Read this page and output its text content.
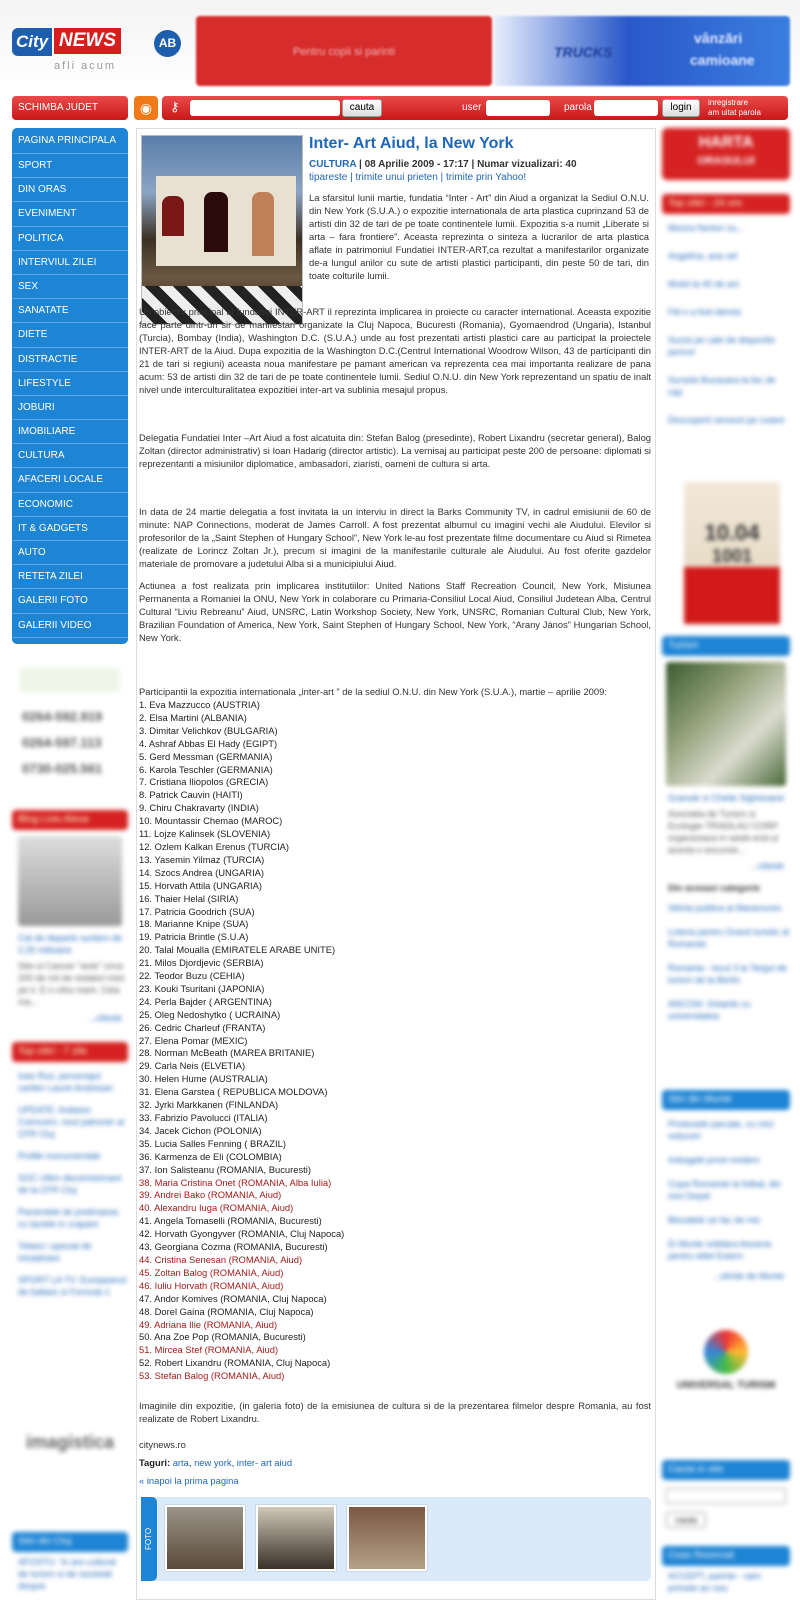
City NEWS	AB
afli acum
Pentru copii si parinti	TRUCKS
vânzări
camioane
SCHIMBA JUDET	◉	⚷	cauta	user	parola	login	inregistrare
am uitat parola
PAGINA PRINCIPALA
SPORT
DIN ORAS
EVENIMENT
POLITICA
INTERVIUL ZILEI
SEX
SANATATE
DIETE
DISTRACTIE
LIFESTYLE
JOBURI
IMOBILIARE
CULTURA
AFACERI LOCALE
ECONOMIC
IT & GADGETS
AUTO
RETETA ZILEI
GALERII FOTO
GALERII VIDEO
0264-592.919
0264-597.113
0730-025.561
Blog Liviu Alexa
Cat de departe suntem de 2,25 milioane
Stie-ul Cancer "ante" circa 200 de mii de violatori intoi pe ir. E o cifra mare. Ceia ma...
...citeste
Top citiri - 7 zile
Ioan Rus, personajul cartilor Laurei Andresan
UPDATE: Anbeiso Cotroceni, noul patroner al CFR Cluj
Profile monumentale
SOC Ultim decomisionare de la CFR Cluj
Pacientele de pretimarea cu taciele in crapare
Tobesi i special de intulatoare
SPORT LA TV: Europeanul de baltare si Formula 1
imagistica
Stiri din Cluj
AFOSTU: 'In are cultural de turism si de societati despre
Inter- Art Aiud, la New York
CULTURA | 08 Aprilie 2009 - 17:17 | Numar vizualizari: 40
tipareste | trimite unui prieten | trimite prin Yahoo!

La sfarsitul lunii martie, fundatia “Inter - Art” din Aiud a organizat la Sediul O.N.U. din New York (S.U.A.) o expozitie internationala de arta plastica cuprinzand 53 de artisti din 32 de tari de pe toate continentele lumii. Expozitia s-a numit „Liberate si arta – fara frontiere”. Aceasta reprezinta o sinteza a lucrarilor de arta plastica aflate in patrimoniul Fundatiei INTER-ART,ca rezultat a manifestarilor organizate de-a lungul anilor cu sute de artisti plastici participanti, din peste 50 de tari, din toate colturile lumii.

Un obiectiv principal al fundatiei INTER-ART il reprezinta implicarea in proiecte cu caracter international. Aceasta expozitie face parte dintr-un sir de manifestari organizate la Cluj Napoca, Bucuresti (Romania), Gyomaendrod (Ungaria), Istanbul (Turcia), Bombay (India), Washington D.C. (S.U.A.) unde au fost prezentati artisti plastici care au participat la proiectele INTER-ART de la Aiud. Dupa expozitia de la Washington D.C.(Centrul International Woodrow Wilson, 43 de participanti din 21 de tari si regiuni) aceasta noua manifestare pe pamant american va reprezenta cea mai importanta realizare de pana acum: 53 de artisti din 32 de tari de pe toate continentele lumii. Sediul O.N.U. din New York reprezentand un spatiu de inalt nivel unde interculturalitatea expozitiei inter-art va sublinia mesajul propus.

Delegatia Fundatiei Inter –Art Aiud a fost alcatuita din: Stefan Balog (presedinte), Robert Lixandru (secretar general), Balog Zoltan (director administrativ) si Ioan Hadarig (director artistic). La vernisaj au participat peste 200 de persoane: diplomati si reprezentanti a misiunilor diplomatice, ambasadori, ziaristi, oameni de cultura si arta.

In data de 24 martie delegatia a fost invitata la un interviu in direct la Barks Community TV, in cadrul emisiunii de 60 de minute: NAP Connections, moderat de James Carroll. A fost prezentat albumul cu imagini vechi ale Aiudului. Elevilor si profesorilor de la „Saint Stephen of Hungary School”, New York le-au fost prezentate filme documentare cu Aiud si Rimetea (realizate de Lorincz Zoltan Jr.), precum si imagini de la manifestarile culturale ale Aiudului. Au fost oferite gazdelor materiale de promovare a judetului Alba si a municipiului Aiud.

Actiunea a fost realizata prin implicarea institutiilor: United Nations Staff Recreation Council, New York, Misiunea Permanenta a Romaniei la ONU, New York in colaborare cu Primaria-Consiliul Local Aiud, Consiliul Judetean Alba, Centrul Cultural “Liviu Rebreanu” Aiud, UNSRC, Latin Workshop Society, New York, UNSRC, Romanian Cultural Club, New York, Brazilian Foundation of America, New York, Saint Stephen of Hungary School, New York, “Arany János” Hungarian School, New York.

Participantii la expozitia internationala „inter-art ” de la sediul O.N.U. din New York (S.U.A.), martie – aprilie 2009:

1. Eva Mazzucco (AUSTRIA)
2. Elsa Martini (ALBANIA)
3. Dimitar Velichkov (BULGARIA)
4. Ashraf Abbas El Hady (EGIPT)
5. Gerd Messman (GERMANIA)
6. Karola Teschler (GERMANIA)
7. Cristiana Iliopolos (GRECIA)
8. Patrick Cauvin (HAITI)
9. Chiru Chakravarty (INDIA)
10. Mountassir Chemao (MAROC)
11. Lojze Kalinsek (SLOVENIA)
12. Ozlem Kalkan Erenus (TURCIA)
13. Yasemin Yilmaz (TURCIA)
14. Szocs Andrea (UNGARIA)
15. Horvath Attila (UNGARIA)
16. Thaier Helal (SIRIA)
17. Patricia Goodrich (SUA)
18. Marianne Knipe (SUA)
19. Patricia Brintle (S.U.A)
20. Talal Moualla (EMIRATELE ARABE UNITE)
21. Milos Djordjevic (SERBIA)
22. Teodor Buzu (CEHIA)
23. Kouki Tsuritani (JAPONIA)
24. Perla Bajder ( ARGENTINA)
25. Oleg Nedoshytko ( UCRAINA)
26. Cedric Charleuf (FRANTA)
27. Elena Pomar (MEXIC)
28. Norman McBeath (MAREA BRITANIE)
29. Carla Neis (ELVETIA)
30. Helen Hume (AUSTRALIA)
31. Elena Garstea ( REPUBLICA MOLDOVA)
32. Jyrki Markkanen (FINLANDA)
33. Fabrizio Pavolucci (ITALIA)
34. Jacek Cichon (POLONIA)
35. Lucia Salles Fenning ( BRAZIL)
36. Karmenza de Eli (COLOMBIA)
37. Ion Salisteanu (ROMANIA, Bucuresti)
38. Maria Cristina Onet (ROMANIA, Alba Iulia)
39. Andrei Bako (ROMANIA, Aiud)
40. Alexandru Iuga (ROMANIA, Aiud)
41. Angela Tomaselli (ROMANIA, Bucuresti)
42. Horvath Gyongyver (ROMANIA, Cluj Napoca)
43. Georgiana Cozma (ROMANIA, Bucuresti)
44. Cristina Senesan (ROMANIA, Aiud)
45. Zoltan Balog (ROMANIA, Aiud)
46. Iuliu Horvath (ROMANIA, Aiud)
47. Andor Komives (ROMANIA, Cluj Napoca)
48. Dorel Gaina (ROMANIA, Cluj Napoca)
49. Adriana Ilie (ROMANIA, Aiud)
50. Ana Zoe Pop (ROMANIA, Bucuresti)
51. Mircea Stef (ROMANIA, Aiud)
52. Robert Lixandru (ROMANIA, Cluj Napoca)
53. Stefan Balog (ROMANIA, Aiud)

Imaginile din expozitie, (in galeria foto) de la emisiunea de cultura si de la prezentarea filmelor despre Romania, au fost realizate de Robert Lixandru.

citynews.ro
Taguri: arta, new york, inter- art aiud
« inapoi la prima pagina
FOTO
HARTA
ORASULUI
Top citiri - 24 ore
Mocira Norton su...
Angelina, ana vel
Mutel la 40 de ani
Fiti-n a fost demisi
Sucisi pe cale de dispozitiv pericol
Sursele Bucasara la fac de cap
Descoperit versiuni pe cutare
10.04
1001
Turism
Granule si Cheile Sighisoarei
Asociatia de Turism si Ecologie TRIADLAU CORP organizeaza in week-end-ul acesta o excursie...
...citeste
Din aceeasi categorie
Stiinta publica ai Maramures
Loteria pentru Grand turistic al Romaniei
Romania - locul 3 la Targul de turism de la Berlin
ANCOIA: Dotarile cu universitatea
Stiri din Munte
Produsele parcate, cu mici reduceri
Imbogatii prost modern
Cupa Romaniei la fotbal, din mici Dopel
Blocatele se fac de mic
Ei Munte solidara bisseria pentru elitel Estern
...stiride de Munte
UNIVERSAL TURISM
Cauta in site
cauta
Ceas Rezervat
ACCEPT, parinte - sam primele an nou
